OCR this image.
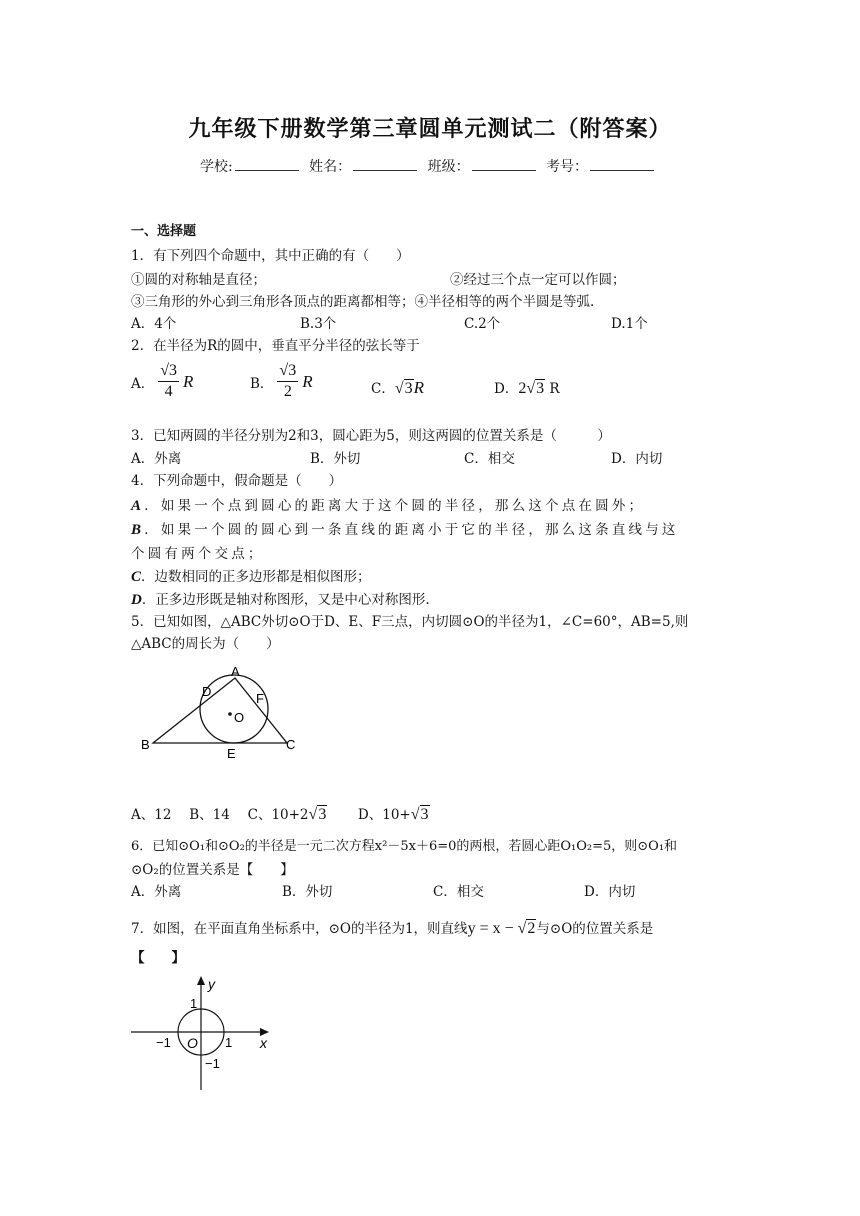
九年级下册数学第三章圆单元测试二（附答案）
学校:	姓名：	班级：	考号：
一、选择题
1．有下列四个命题中，其中正确的有（　　）
①圆的对称轴是直径；	②经过三个点一定可以作圆；
③三角形的外心到三角形各顶点的距离都相等；④半径相等的两个半圆是等弧.
A．4个	B.3个	C.2个	D.1个
2．在半径为R的圆中，垂直平分半径的弦长等于
A． $\frac{√3}{4}$ R	B． $\frac{√3}{2}$ R	C．√3R	D．2√3 R
3．已知两圆的半径分别为2和3，圆心距为5，则这两圆的位置关系是（　　　）
A．外离	B．外切	C．相交	D．内切
4．下列命题中，假命题是（　　）
A．如果一个点到圆心的距离大于这个圆的半径，那么这个点在圆外；
B．如果一个圆的圆心到一条直线的距离小于它的半径，那么这条直线与这
个圆有两个交点；
C．边数相同的正多边形都是相似图形；
D．正多边形既是轴对称图形，又是中心对称图形.
5．已知如图，△ABC外切⊙O于D、E、F三点，内切圆⊙O的半径为1，∠C=60°，AB=5,则
△ABC的周长为（　　）
A
B	C
D
E
F
O
A、12　 B、14　 C、10+2√3 D、10+√3
6．已知⊙O₁和⊙O₂的半径是一元二次方程x²－5x＋6=0的两根，若圆心距O₁O₂=5，则⊙O₁和
⊙O₂的位置关系是【　　】
A．外离	B．外切	C．相交	D．内切
7．如图，在平面直角坐标系中，⊙O的半径为1，则直线y = x − √2与⊙O的位置关系是
【　　】
y
x
1
−1 O 1
−1
